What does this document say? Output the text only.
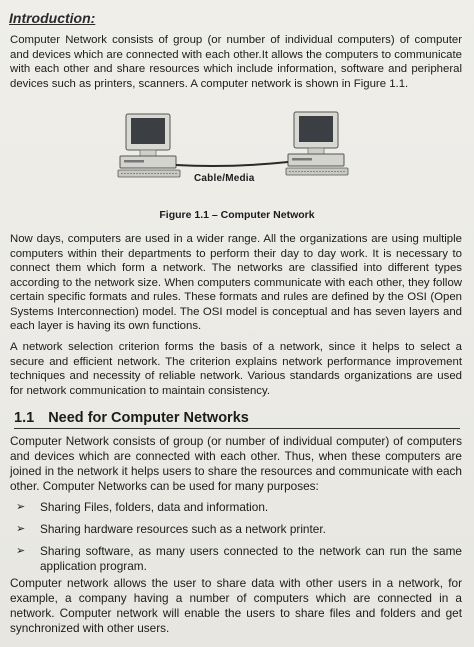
Introduction:
Computer Network consists of group (or number of individual computers) of computer and devices which are connected with each other.It allows the computers to communicate with each other and share resources which include information, software and peripheral devices such as printers, scanners. A computer network is shown in Figure 1.1.
Cable/Media
Figure 1.1 – Computer Network
Now days, computers are used in a wider range. All the organizations are using multiple computers within their departments to perform their day to day work. It is necessary to connect them which form a network. The networks are classified into different types according to the network size. When computers communicate with each other, they follow certain specific formats and rules. These formats and rules are defined by the OSI (Open Systems Interconnection) model. The OSI model is conceptual and has seven layers and each layer is having its own functions.
A network selection criterion forms the basis of a network, since it helps to select a secure and efficient network. The criterion explains network performance improvement techniques and necessity of reliable network. Various standards organizations are used for network communication to maintain consistency.
1.1 Need for Computer Networks
Computer Network consists of group (or number of individual computer) of computers and devices which are connected with each other. Thus, when these computers are joined in the network it helps users to share the resources and communicate with each other. Computer Networks can be used for many purposes:
➢ Sharing Files, folders, data and information.
➢ Sharing hardware resources such as a network printer.
➢ Sharing software, as many users connected to the network can run the same application program.
Computer network allows the user to share data with other users in a network, for example, a company having a number of computers which are connected in a network. Computer network will enable the users to share files and folders and get synchronized with other users.
